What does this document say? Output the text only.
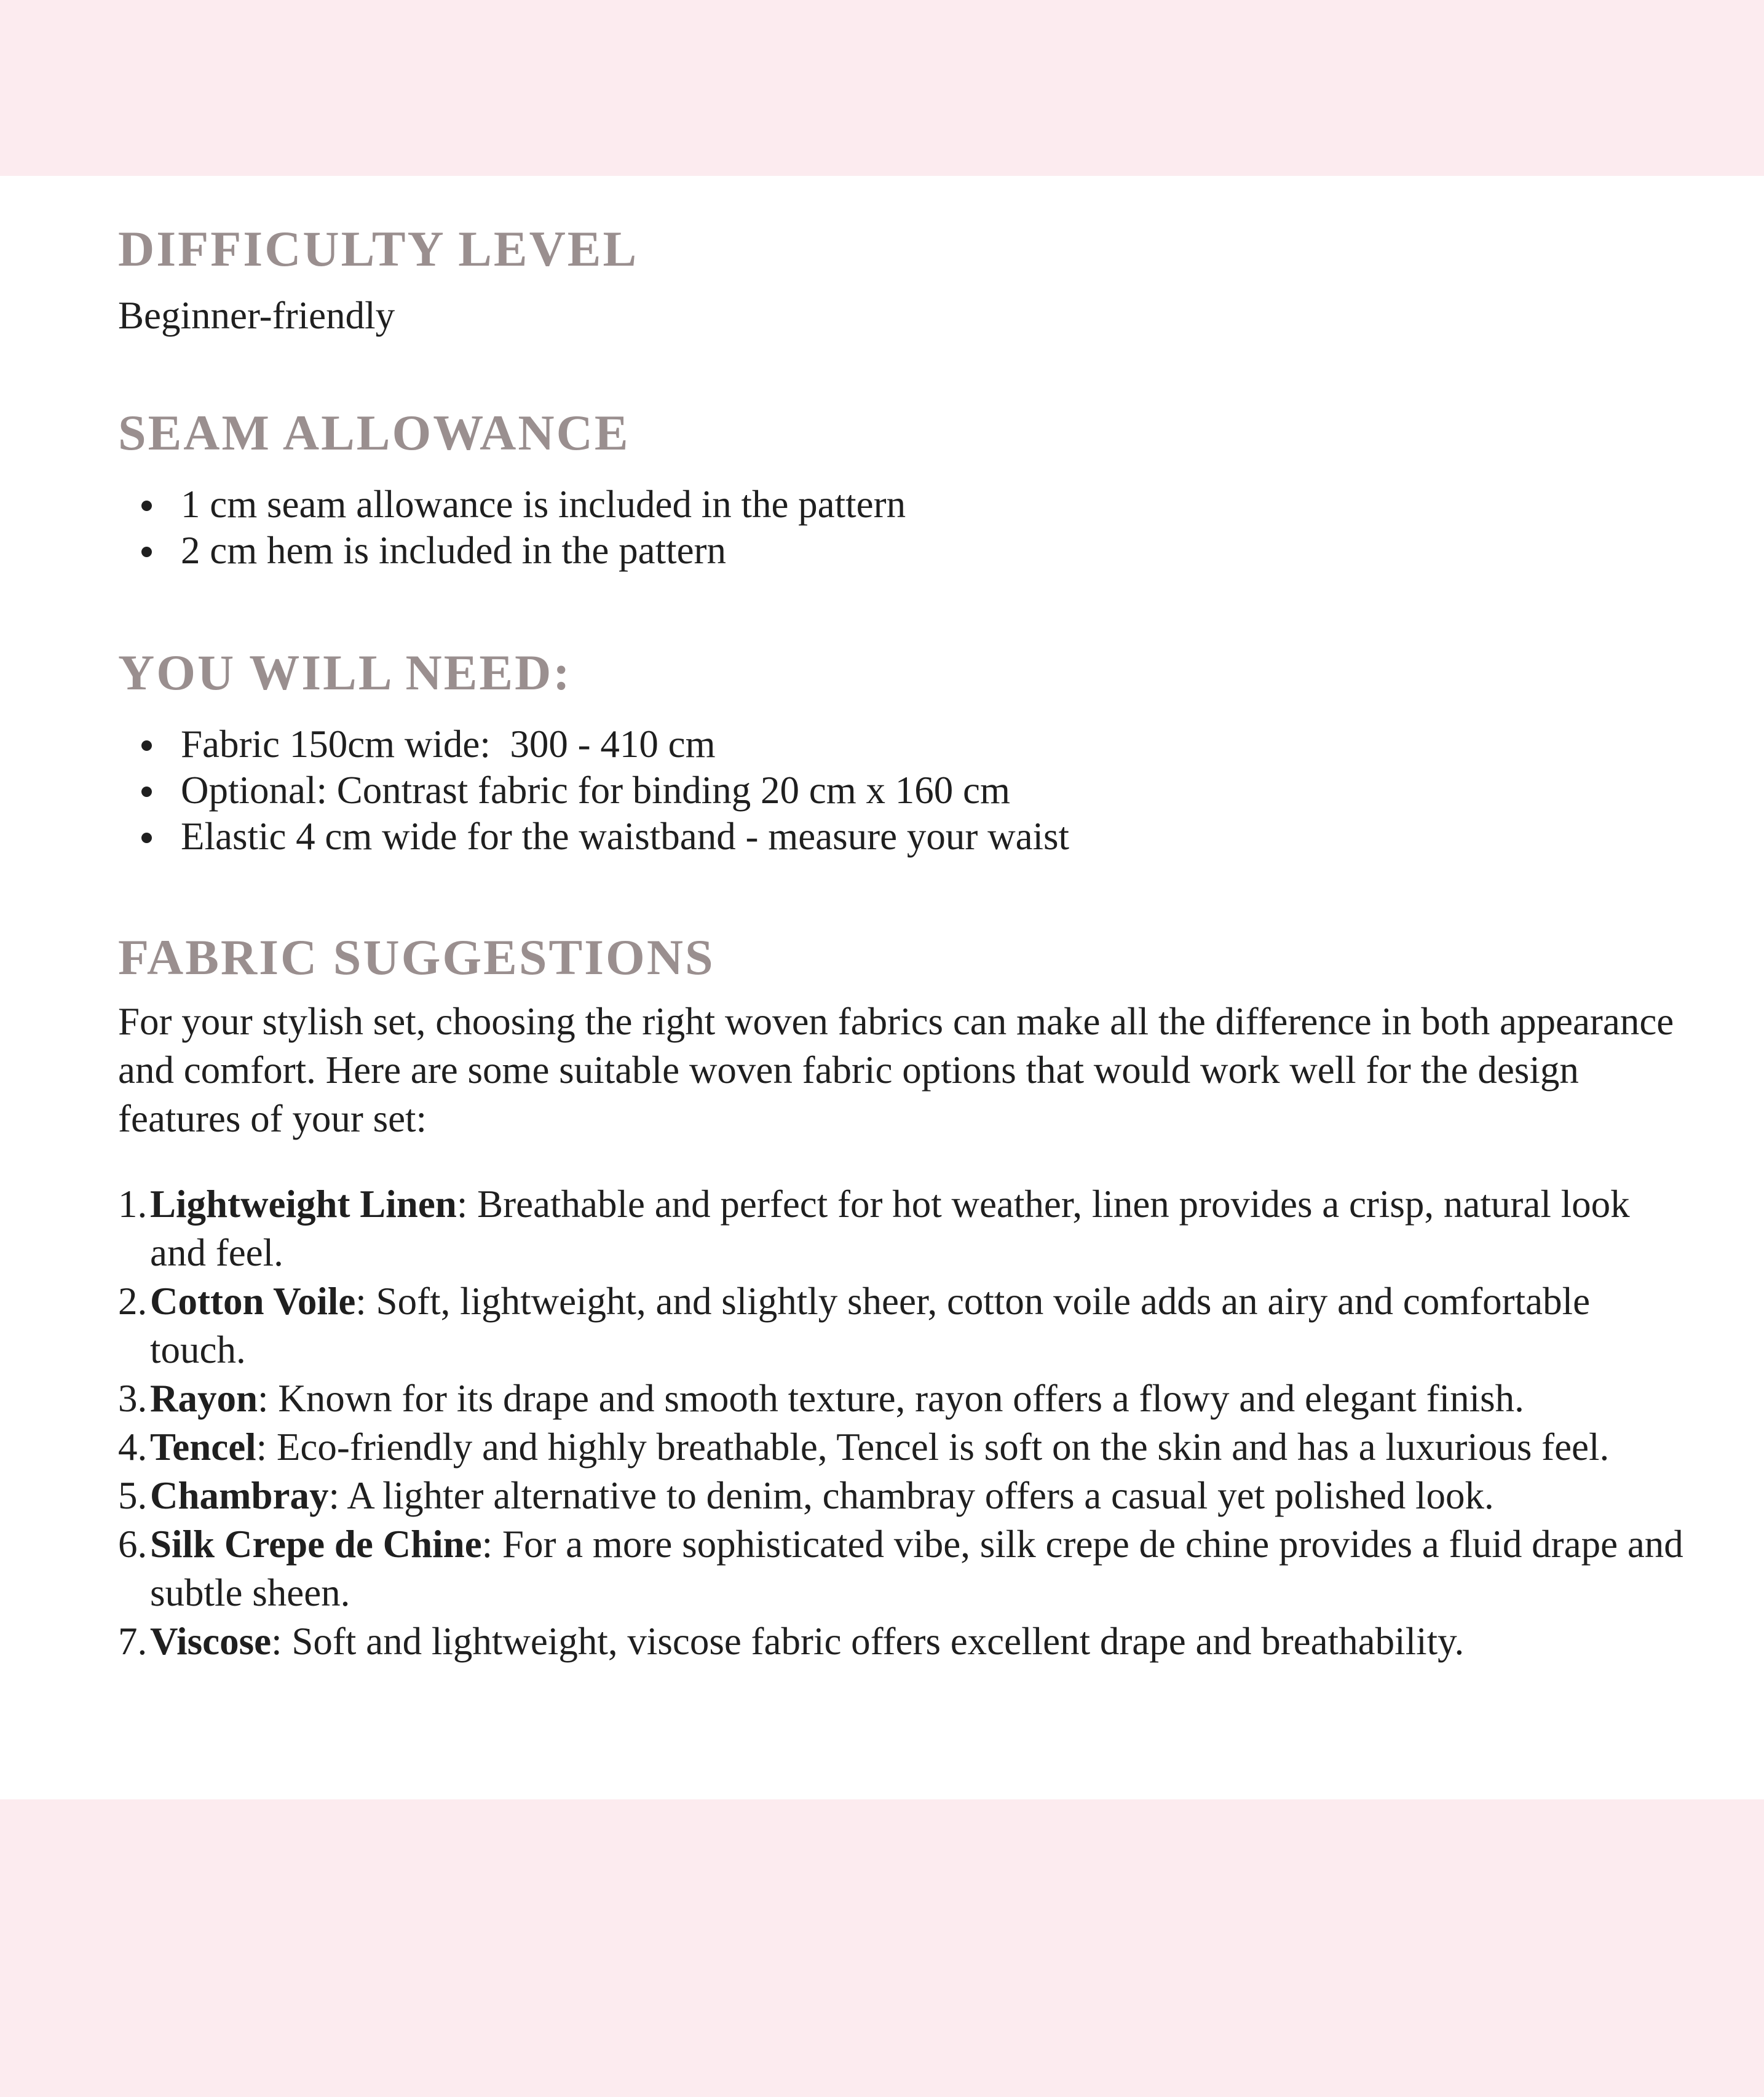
DIFFICULTY LEVEL

Beginner-friendly

SEAM ALLOWANCE
1 cm seam allowance is included in the pattern
2 cm hem is included in the pattern
YOU WILL NEED:
Fabric 150cm wide:  300 - 410 cm
Optional: Contrast fabric for binding 20 cm x 160 cm
Elastic 4 cm wide for the waistband - measure your waist
FABRIC SUGGESTIONS

For your stylish set, choosing the right woven fabrics can make all the difference in both appearance and comfort. Here are some suitable woven fabric options that would work well for the design features of your set:

1. Lightweight Linen: Breathable and perfect for hot weather, linen provides a crisp, natural look and feel.
2. Cotton Voile: Soft, lightweight, and slightly sheer, cotton voile adds an airy and comfortable touch.
3. Rayon: Known for its drape and smooth texture, rayon offers a flowy and elegant finish.
4. Tencel: Eco-friendly and highly breathable, Tencel is soft on the skin and has a luxurious feel.
5. Chambray: A lighter alternative to denim, chambray offers a casual yet polished look.
6. Silk Crepe de Chine: For a more sophisticated vibe, silk crepe de chine provides a fluid drape and subtle sheen.
7. Viscose: Soft and lightweight, viscose fabric offers excellent drape and breathability.
